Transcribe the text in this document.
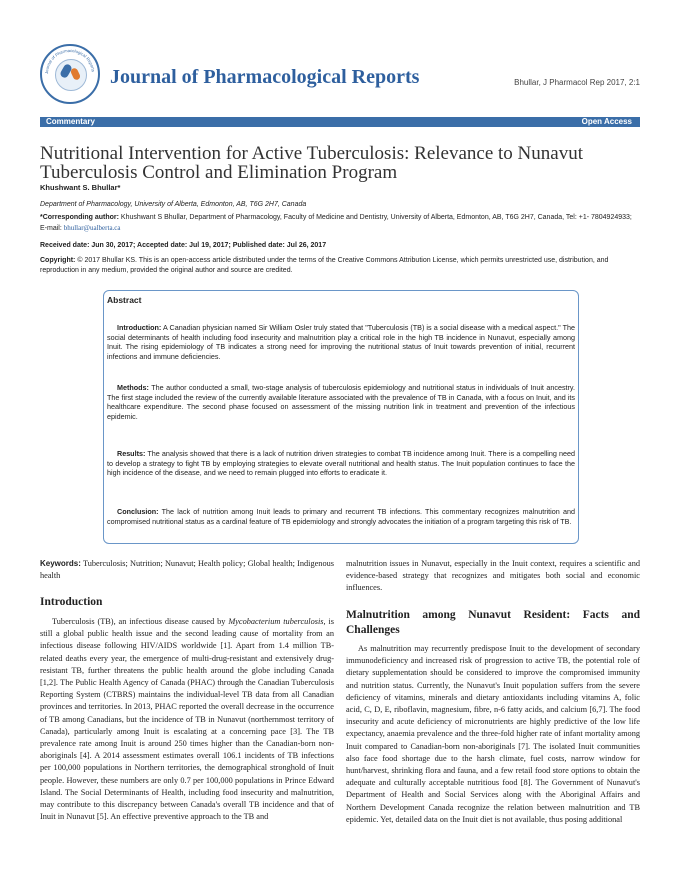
Journal of Pharmacological Reports Journal of Pharmacological Reports	Bhullar, J Pharmacol Rep 2017, 2:1
Commentary	Open Access
Nutritional Intervention for Active Tuberculosis: Relevance to Nunavut Tuberculosis Control and Elimination Program
Khushwant S. Bhullar*
Department of Pharmacology, University of Alberta, Edmonton, AB, T6G 2H7, Canada
*Corresponding author: Khushwant S Bhullar, Department of Pharmacology, Faculty of Medicine and Dentistry, University of Alberta, Edmonton, AB, T6G 2H7, Canada, Tel: +1- 7804924933; E-mail: bhullar@ualberta.ca
Received date: Jun 30, 2017; Accepted date: Jul 19, 2017; Published date: Jul 26, 2017
Copyright: © 2017 Bhullar KS. This is an open-access article distributed under the terms of the Creative Commons Attribution License, which permits unrestricted use, distribution, and reproduction in any medium, provided the original author and source are credited.
Abstract

Introduction: A Canadian physician named Sir William Osler truly stated that "Tuberculosis (TB) is a social disease with a medical aspect." The social determinants of health including food insecurity and malnutrition play a critical role in the high TB incidence in Nunavut, especially among Inuit. The rising epidemiology of TB indicates a strong need for improving the nutritional status of Inuit towards prevention of initial, recurrent infections and immune deficiencies.

Methods: The author conducted a small, two-stage analysis of tuberculosis epidemiology and nutritional status in individuals of Inuit ancestry. The first stage included the review of the currently available literature associated with the prevalence of TB in Canada, with a focus on Inuit, and its healthcare expenditure. The second phase focused on assessment of the missing nutrition link in treatment and prevention of the infectious epidemic.

Results: The analysis showed that there is a lack of nutrition driven strategies to combat TB incidence among Inuit. There is a compelling need to develop a strategy to fight TB by employing strategies to elevate overall nutritional and health status. The Inuit population continues to face the high incidence of the disease, and we need to remain plugged into efforts to eradicate it.

Conclusion: The lack of nutrition among Inuit leads to primary and recurrent TB infections. This commentary recognizes malnutrition and compromised nutritional status as a cardinal feature of TB epidemiology and strongly advocates the initiation of a program targeting this risk of TB.

Keywords: Tuberculosis; Nutrition; Nunavut; Health policy; Global health; Indigenous health
Introduction

Tuberculosis (TB), an infectious disease caused by Mycobacterium tuberculosis, is still a global public health issue and the second leading cause of mortality from an infectious disease following HIV/AIDS worldwide [1]. Apart from 1.4 million TB-related deaths every year, the emergence of multi-drug-resistant and extensively drug-resistant TB, further threatens the public health around the globe including Canada [1,2]. The Public Health Agency of Canada (PHAC) through the Canadian Tuberculosis Reporting System (CTBRS) maintains the individual-level TB data from all Canadian provinces and territories. In 2013, PHAC reported the overall decrease in the occurrence of TB among Canadians, but the incidence of TB in Nunavut (northernmost territory of Canada), particularly among Inuit is escalating at a concerning pace [3]. The TB prevalence rate among Inuit is around 250 times higher than the Canadian-born non-aboriginals [4]. A 2014 assessment estimates overall 106.1 incidents of TB infections per 100,000 populations in Northern territories, the demographical stronghold of Inuit people. However, these numbers are only 0.7 per 100,000 populations in Prince Edward Island. The Social Determinants of Health, including food insecurity and malnutrition, may contribute to this discrepancy between Canada's overall TB incidence and that of Inuit in Nunavut [5]. An effective preventive approach to the TB and

malnutrition issues in Nunavut, especially in the Inuit context, requires a scientific and evidence-based strategy that recognizes and mitigates both social and economic influences.

Malnutrition among Nunavut Resident: Facts and Challenges

As malnutrition may recurrently predispose Inuit to the development of secondary immunodeficiency and increased risk of progression to active TB, the potential role of dietary supplementation should be considered to improve the compromised immunity and nutrition status. Currently, the Nunavut's Inuit population suffers from the severe deficiency of vitamins, minerals and dietary antioxidants including vitamins A, folic acid, C, D, E, riboflavin, magnesium, fibre, n-6 fatty acids, and calcium [6,7]. The food insecurity and acute deficiency of micronutrients are highly predictive of the low life expectancy, anaemia prevalence and the three-fold higher rate of infant mortality among Inuit compared to Canadian-born non-aboriginals [7]. The isolated Inuit communities also face food shortage due to the harsh climate, fuel costs, narrow window for hunt/harvest, shrinking flora and fauna, and a few retail food store options to obtain the adequate and culturally acceptable nutritious food [8]. The Government of Nunavut's Department of Health and Social Services along with the Aboriginal Affairs and Northern Development Canada recognize the relation between malnutrition and TB epidemic. Yet, detailed data on the Inuit diet is not available, thus posing additional
